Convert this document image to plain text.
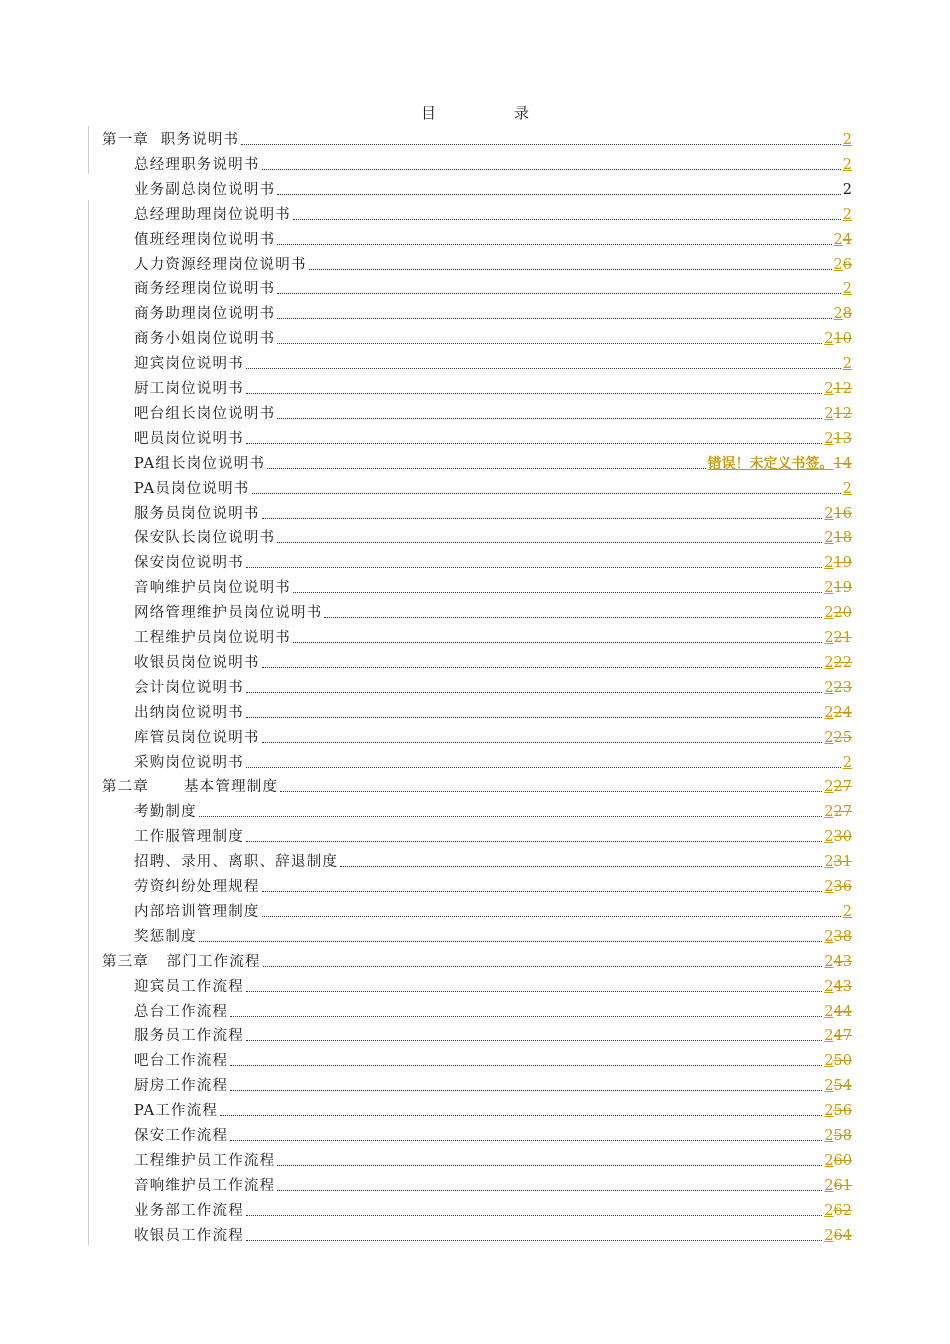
目	录
第一章  职务说明书	2
总经理职务说明书	2
业务副总岗位说明书	2
总经理助理岗位说明书	2
值班经理岗位说明书	24
人力资源经理岗位说明书	26
商务经理岗位说明书	2
商务助理岗位说明书	28
商务小姐岗位说明书	210
迎宾岗位说明书	2
厨工岗位说明书	212
吧台组长岗位说明书	212
吧员岗位说明书	213
PA组长岗位说明书	错误！未定义书签。14
PA员岗位说明书	2
服务员岗位说明书	216
保安队长岗位说明书	218
保安岗位说明书	219
音响维护员岗位说明书	219
网络管理维护员岗位说明书	220
工程维护员岗位说明书	221
收银员岗位说明书	222
会计岗位说明书	223
出纳岗位说明书	224
库管员岗位说明书	225
采购岗位说明书	2
第二章      基本管理制度	227
考勤制度	227
工作服管理制度	230
招聘、录用、离职、辞退制度	231
劳资纠纷处理规程	236
内部培训管理制度	2
奖惩制度	238
第三章   部门工作流程	243
迎宾员工作流程	243
总台工作流程	244
服务员工作流程	247
吧台工作流程	250
厨房工作流程	254
PA工作流程	256
保安工作流程	258
工程维护员工作流程	260
音响维护员工作流程	261
业务部工作流程	262
收银员工作流程	264
